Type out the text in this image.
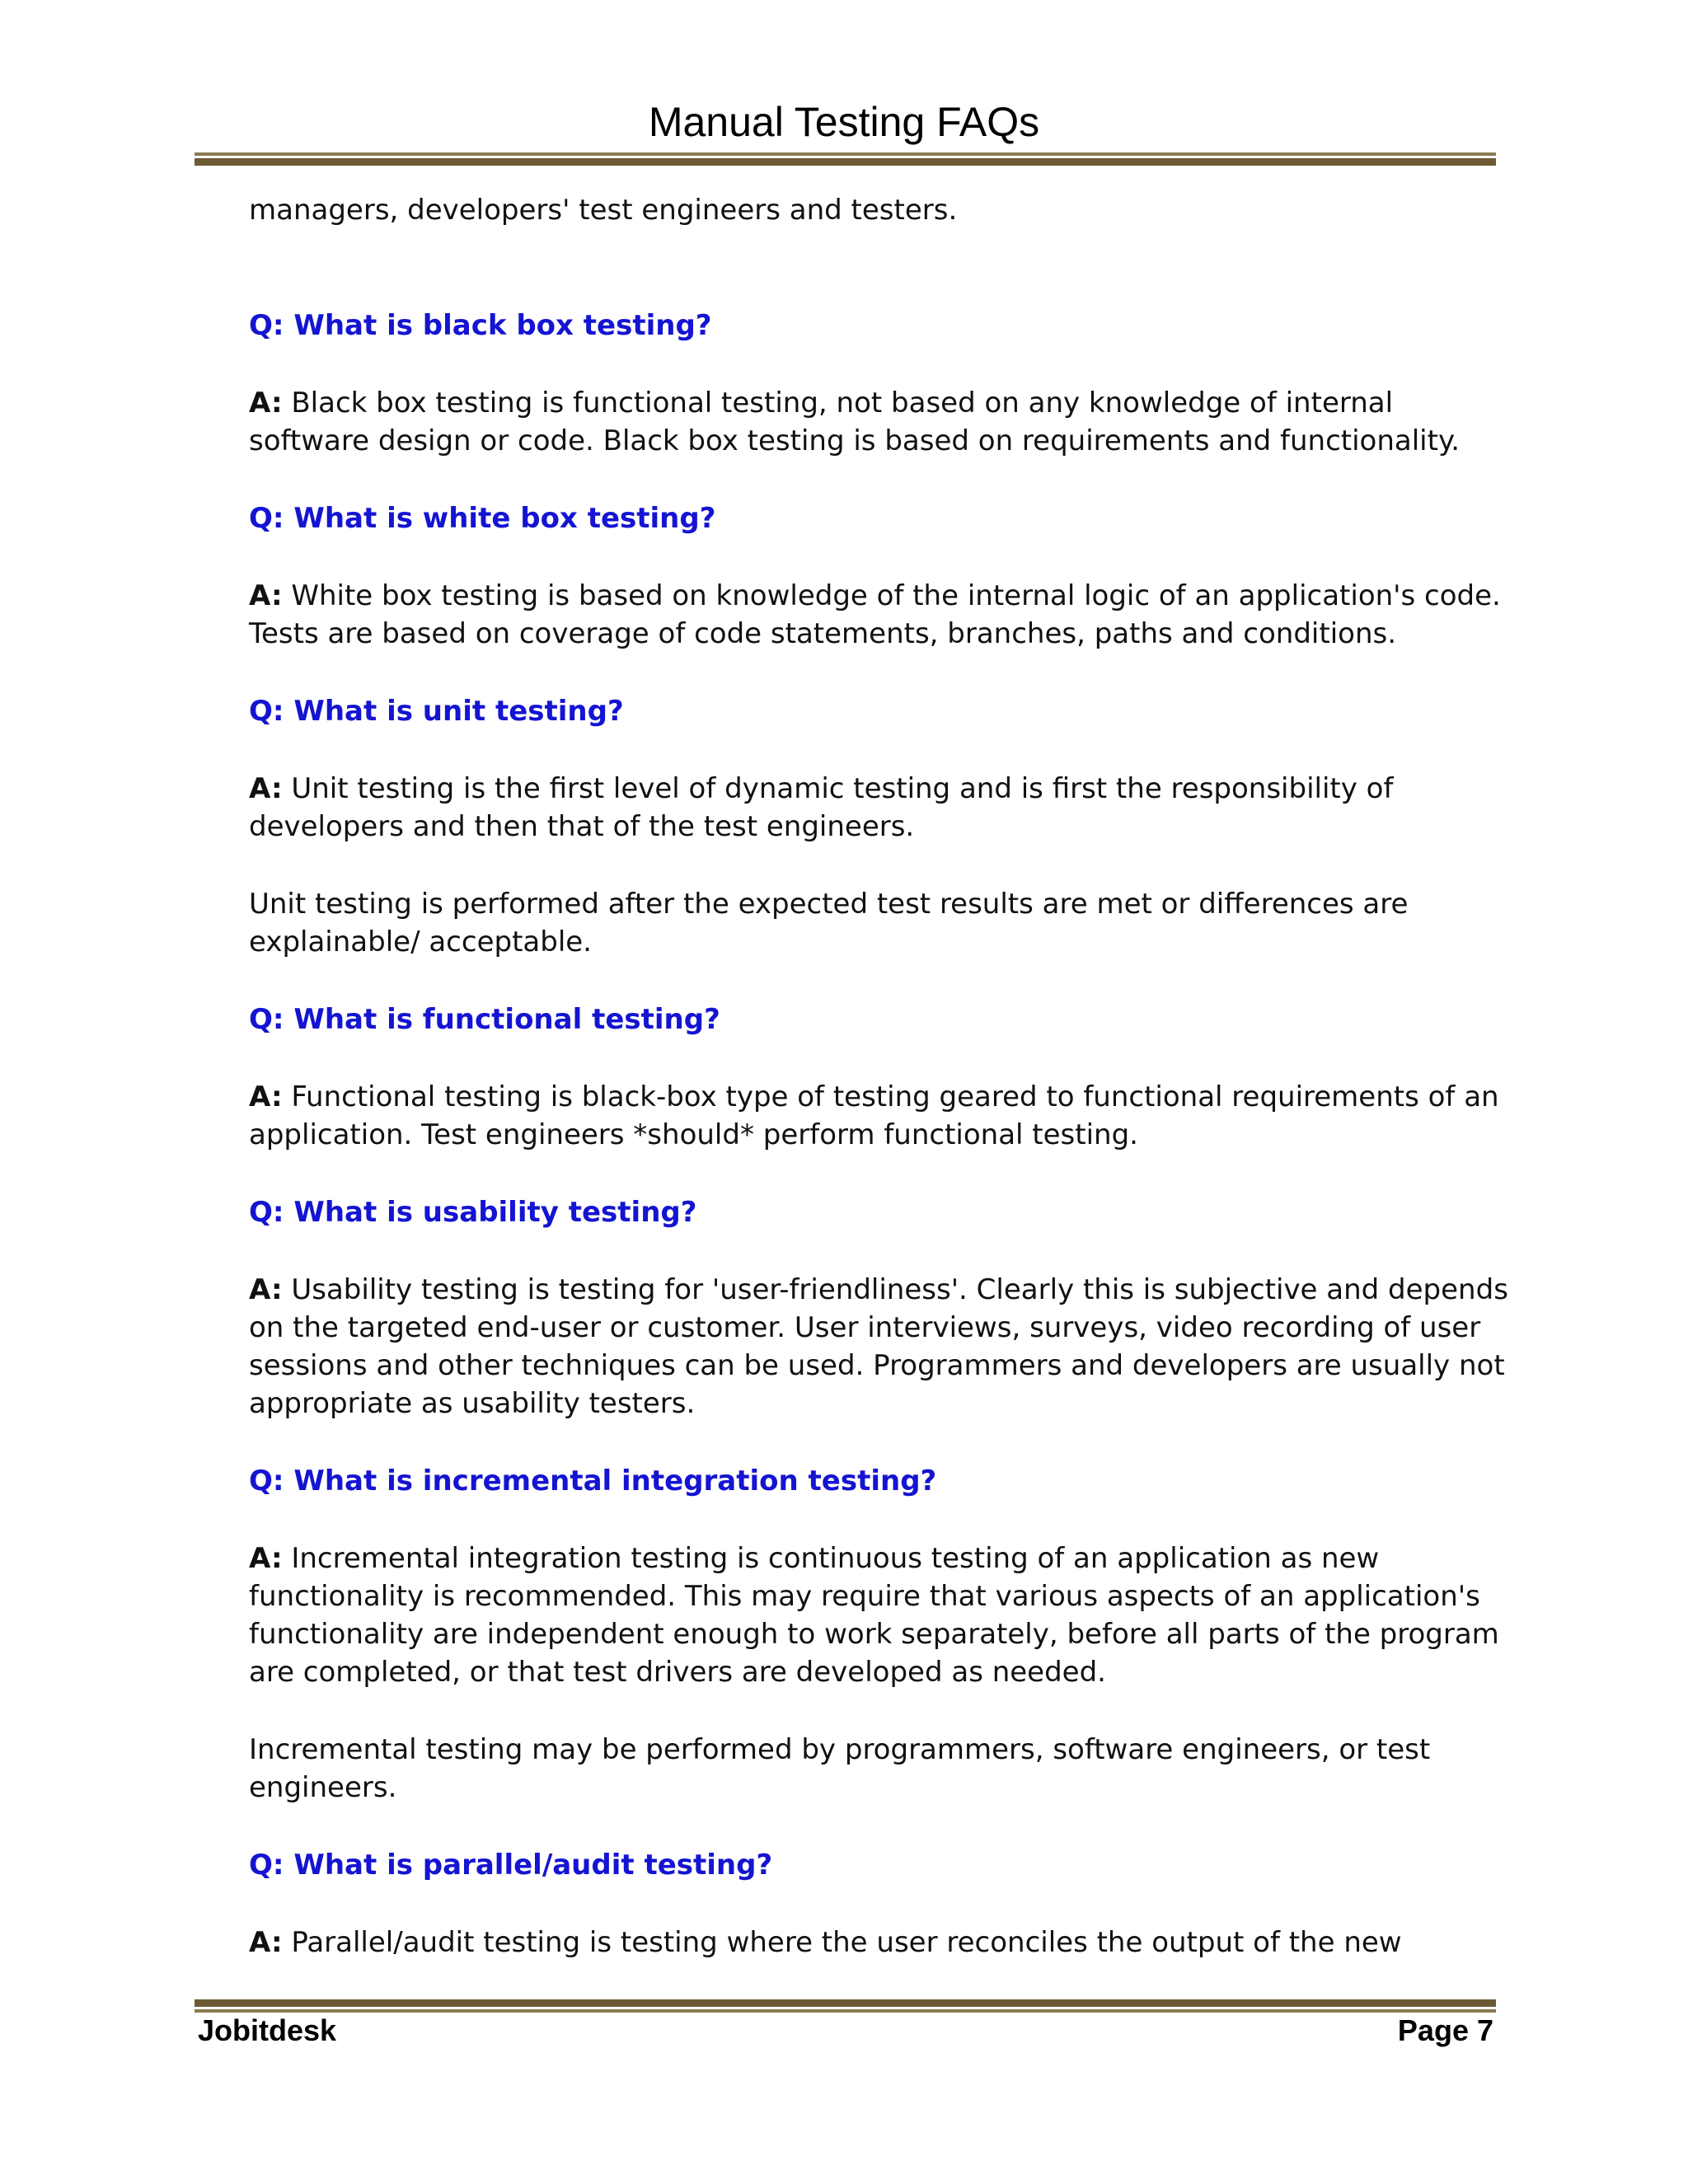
Manual Testing FAQs

managers, developers' test engineers and testers.

Q: What is black box testing?

A: Black box testing is functional testing, not based on any knowledge of internal software design or code. Black box testing is based on requirements and functionality.

Q: What is white box testing?

A: White box testing is based on knowledge of the internal logic of an application's code. Tests are based on coverage of code statements, branches, paths and conditions.

Q: What is unit testing?

A: Unit testing is the first level of dynamic testing and is first the responsibility of developers and then that of the test engineers.

Unit testing is performed after the expected test results are met or differences are explainable/ acceptable.

Q: What is functional testing?

A: Functional testing is black-box type of testing geared to functional requirements of an application. Test engineers *should* perform functional testing.

Q: What is usability testing?

A: Usability testing is testing for 'user-friendliness'. Clearly this is subjective and depends on the targeted end-user or customer. User interviews, surveys, video recording of user sessions and other techniques can be used. Programmers and developers are usually not appropriate as usability testers.

Q: What is incremental integration testing?

A: Incremental integration testing is continuous testing of an application as new functionality is recommended. This may require that various aspects of an application's functionality are independent enough to work separately, before all parts of the program are completed, or that test drivers are developed as needed.

Incremental testing may be performed by programmers, software engineers, or test engineers.

Q: What is parallel/audit testing?

A: Parallel/audit testing is testing where the user reconciles the output of the new

Jobitdesk	Page 7
